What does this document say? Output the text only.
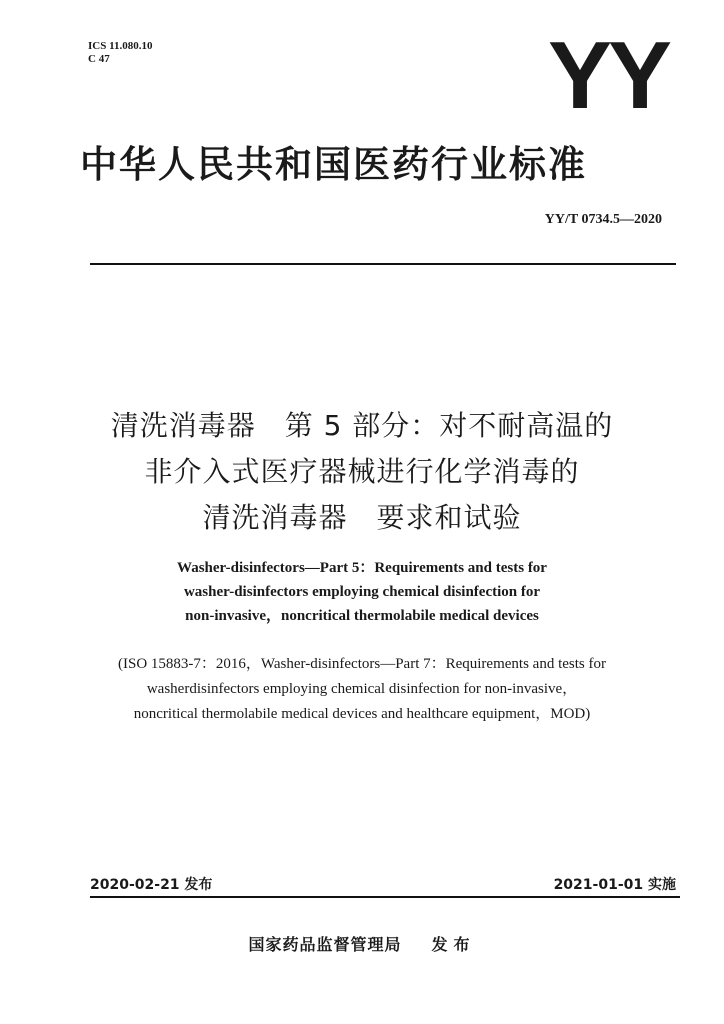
ICS 11.080.10
C 47	YY
中华人民共和国医药行业标准
YY/T 0734.5—2020
清洗消毒器　第 5 部分：对不耐高温的
非介入式医疗器械进行化学消毒的
清洗消毒器　要求和试验
Washer-disinfectors—Part 5：Requirements and tests for
washer-disinfectors employing chemical disinfection for
non-invasive，noncritical thermolabile medical devices
(ISO 15883-7：2016，Washer-disinfectors—Part 7：Requirements and tests for
washerdisinfectors employing chemical disinfection for non-invasive，
noncritical thermolabile medical devices and healthcare equipment，MOD)
2020-02-21 发布	2021-01-01 实施
国家药品监督管理局 发布
